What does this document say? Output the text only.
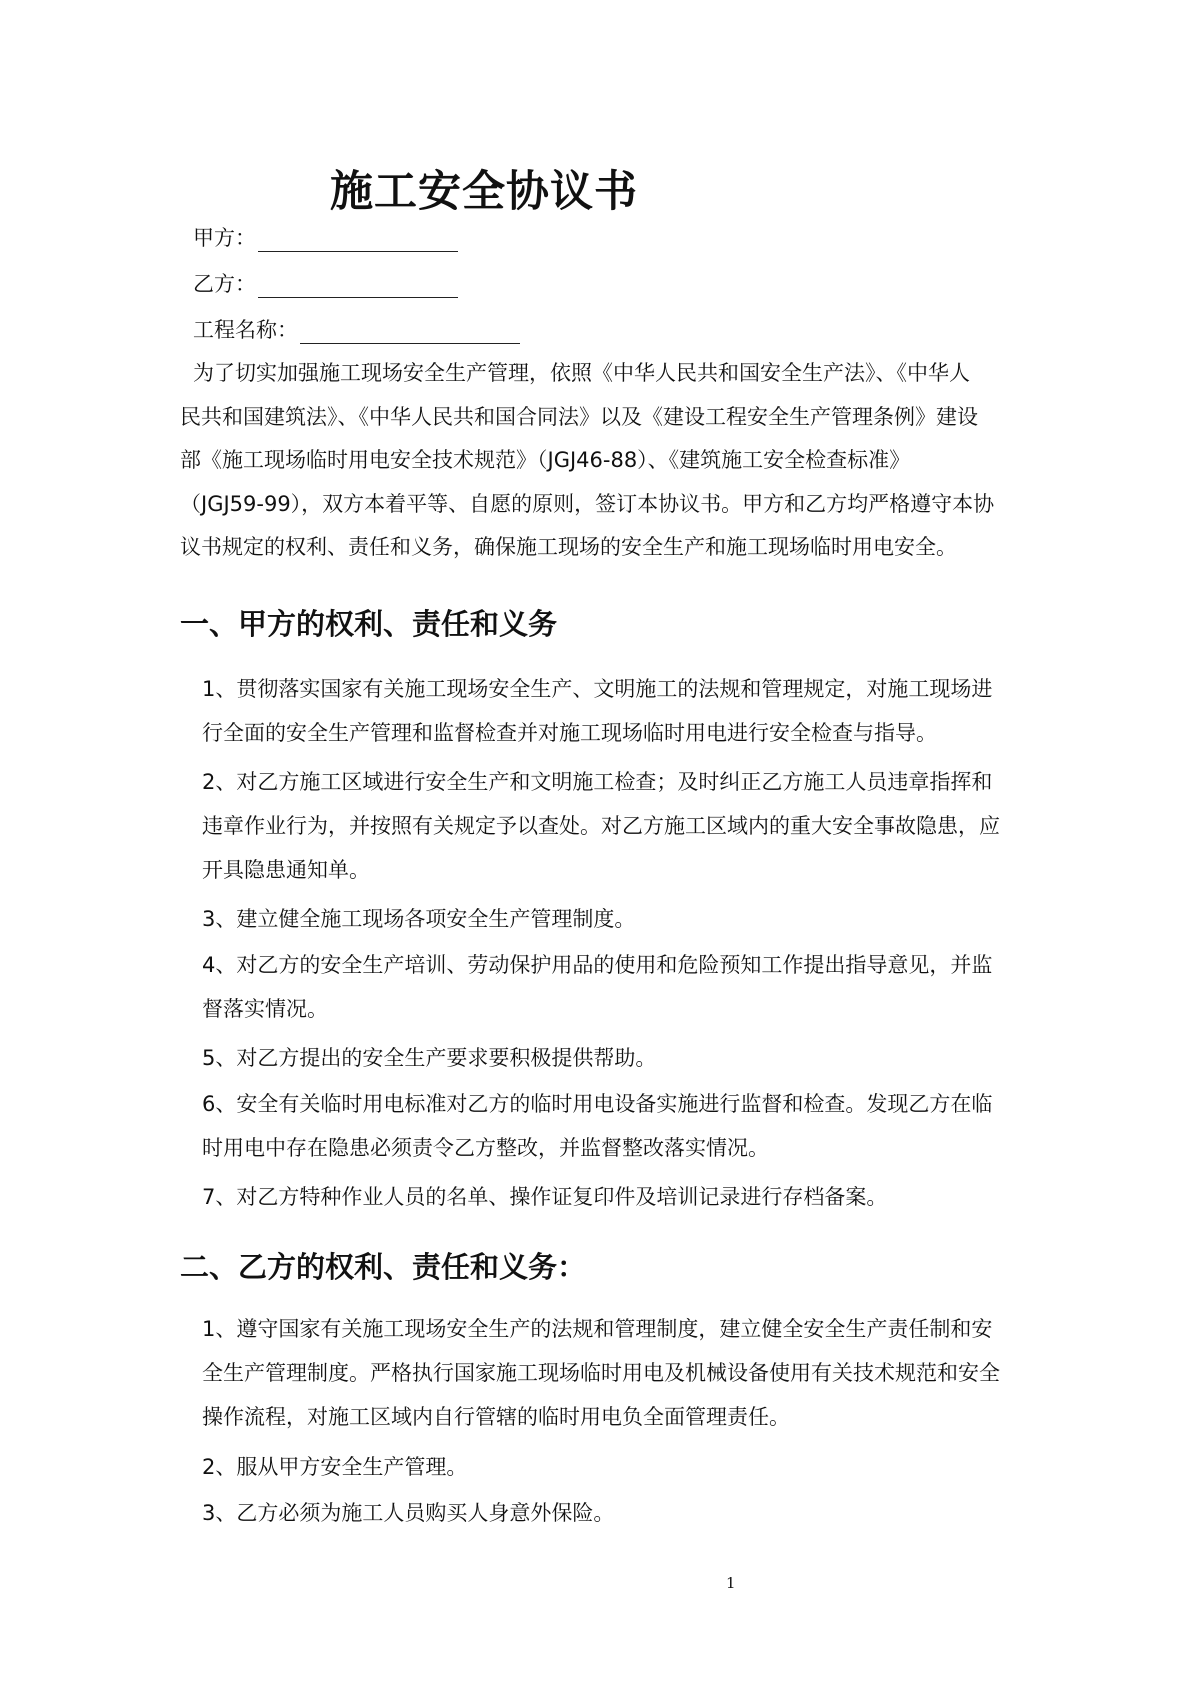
施工安全协议书
甲方：
乙方：
工程名称：
为了切实加强施工现场安全生产管理，依照《中华人民共和国安全生产法》、《中华人
民共和国建筑法》、《中华人民共和国合同法》以及《建设工程安全生产管理条例》建设
部《施工现场临时用电安全技术规范》（JGJ46-88）、《建筑施工安全检查标准》
（JGJ59-99），双方本着平等、自愿的原则，签订本协议书。甲方和乙方均严格遵守本协
议书规定的权利、责任和义务，确保施工现场的安全生产和施工现场临时用电安全。
一、甲方的权利、责任和义务
1、贯彻落实国家有关施工现场安全生产、文明施工的法规和管理规定，对施工现场进
行全面的安全生产管理和监督检查并对施工现场临时用电进行安全检查与指导。
2、对乙方施工区域进行安全生产和文明施工检查；及时纠正乙方施工人员违章指挥和
违章作业行为，并按照有关规定予以查处。对乙方施工区域内的重大安全事故隐患，应
开具隐患通知单。
3、建立健全施工现场各项安全生产管理制度。
4、对乙方的安全生产培训、劳动保护用品的使用和危险预知工作提出指导意见，并监
督落实情况。
5、对乙方提出的安全生产要求要积极提供帮助。
6、安全有关临时用电标准对乙方的临时用电设备实施进行监督和检查。发现乙方在临
时用电中存在隐患必须责令乙方整改，并监督整改落实情况。
7、对乙方特种作业人员的名单、操作证复印件及培训记录进行存档备案。
二、乙方的权利、责任和义务：
1、遵守国家有关施工现场安全生产的法规和管理制度，建立健全安全生产责任制和安
全生产管理制度。严格执行国家施工现场临时用电及机械设备使用有关技术规范和安全
操作流程，对施工区域内自行管辖的临时用电负全面管理责任。
2、服从甲方安全生产管理。
3、乙方必须为施工人员购买人身意外保险。
1
